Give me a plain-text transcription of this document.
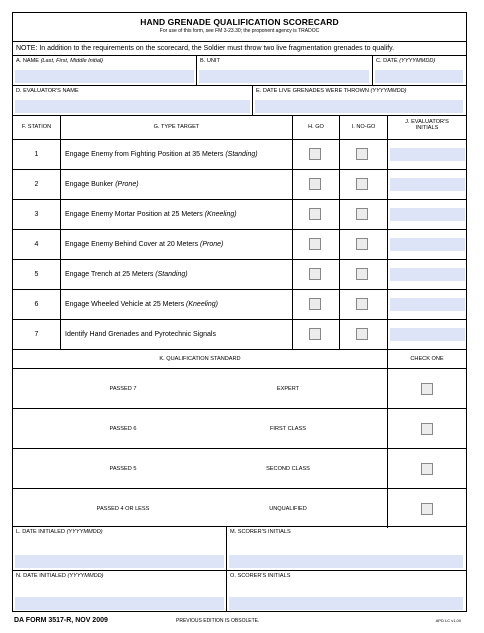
HAND GRENADE QUALIFICATION SCORECARD
For use of this form, see FM 3-23.30; the proponent agency is TRADOC
NOTE: In addition to the requirements on the scorecard, the Soldier must throw two live fragmentation grenades to qualify.
A. NAME (Last, First, Middle Initial)	B. UNIT	C. DATE (YYYYMMDD)
D. EVALUATOR'S NAME	E. DATE LIVE GRENADES WERE THROWN (YYYYMMDD)
F. STATION	G. TYPE TARGET	H. GO	I. NO-GO
J. EVALUATOR'S
INITIALS
1	Engage Enemy from Fighting Position at 35 Meters (Standing)
2	Engage Bunker (Prone)
3	Engage Enemy Mortar Position at 25 Meters (Kneeling)
4	Engage Enemy Behind Cover at 20 Meters (Prone)
5	Engage Trench at 25 Meters (Standing)
6	Engage Wheeled Vehicle at 25 Meters (Kneeling)
7	Identify Hand Grenades and Pyrotechnic Signals
K. QUALIFICATION STANDARD	CHECK ONE
PASSED 7	EXPERT
PASSED 6	FIRST CLASS
PASSED 5	SECOND CLASS
PASSED 4 OR LESS	UNQUALIFIED
L. DATE INITIALED (YYYYMMDD)	M. SCORER'S INITIALS
N. DATE INITIALED (YYYYMMDD)	O. SCORER'S INITIALS
DA FORM 3517-R, NOV 2009	PREVIOUS EDITION IS OBSOLETE.	APD LC v1.00
